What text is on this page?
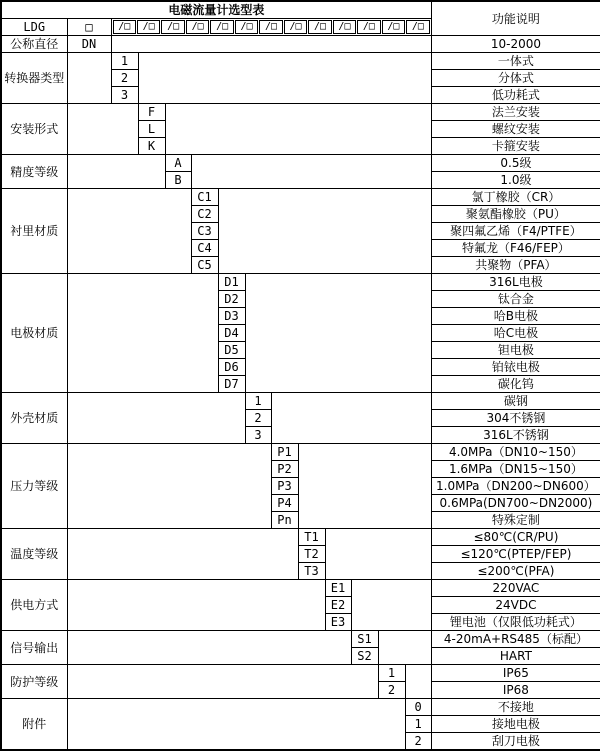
电磁流量计选型表														功能说明
LDG	□	/□	/□	/□	/□	/□	/□	/□	/□	/□	/□	/□	/□	/□

公称直径	DN													10-2000
转换器类型		1												一体式
		2												分体式
		3												低功耗式
安装形式			F											法兰安装
			L											螺纹安装
			K											卡箍安装
精度等级				A										0.5级
				B										1.0级
衬里材质					C1									氯丁橡胶（CR）
					C2									聚氨酯橡胶（PU）
					C3									聚四氟乙烯（F4/PTFE）
					C4									特氟龙（F46/FEP）
					C5									共聚物（PFA）
电极材质						D1								316L电极
						D2								钛合金
						D3								哈B电极
						D4								哈C电极
						D5								钽电极
						D6								铂铱电极
						D7								碳化钨
外壳材质							1							碳钢
							2							304不锈钢
							3							316L不锈钢
压力等级								P1						4.0MPa（DN10~150）
								P2						1.6MPa（DN15~150）
								P3						1.0MPa（DN200~DN600）
								P4						0.6MPa(DN700~DN2000)
								Pn						特殊定制
温度等级									T1					≤80℃(CR/PU)
									T2					≤120℃(PTEP/FEP)
									T3					≤200℃(PFA)
供电方式										E1				220VAC
										E2				24VDC
										E3				锂电池（仅限低功耗式）
信号输出											S1			4-20mA+RS485（标配）
											S2			HART
防护等级												1		IP65
												2		IP68
附件													0	不接地
													1	接地电极
													2	刮刀电极
